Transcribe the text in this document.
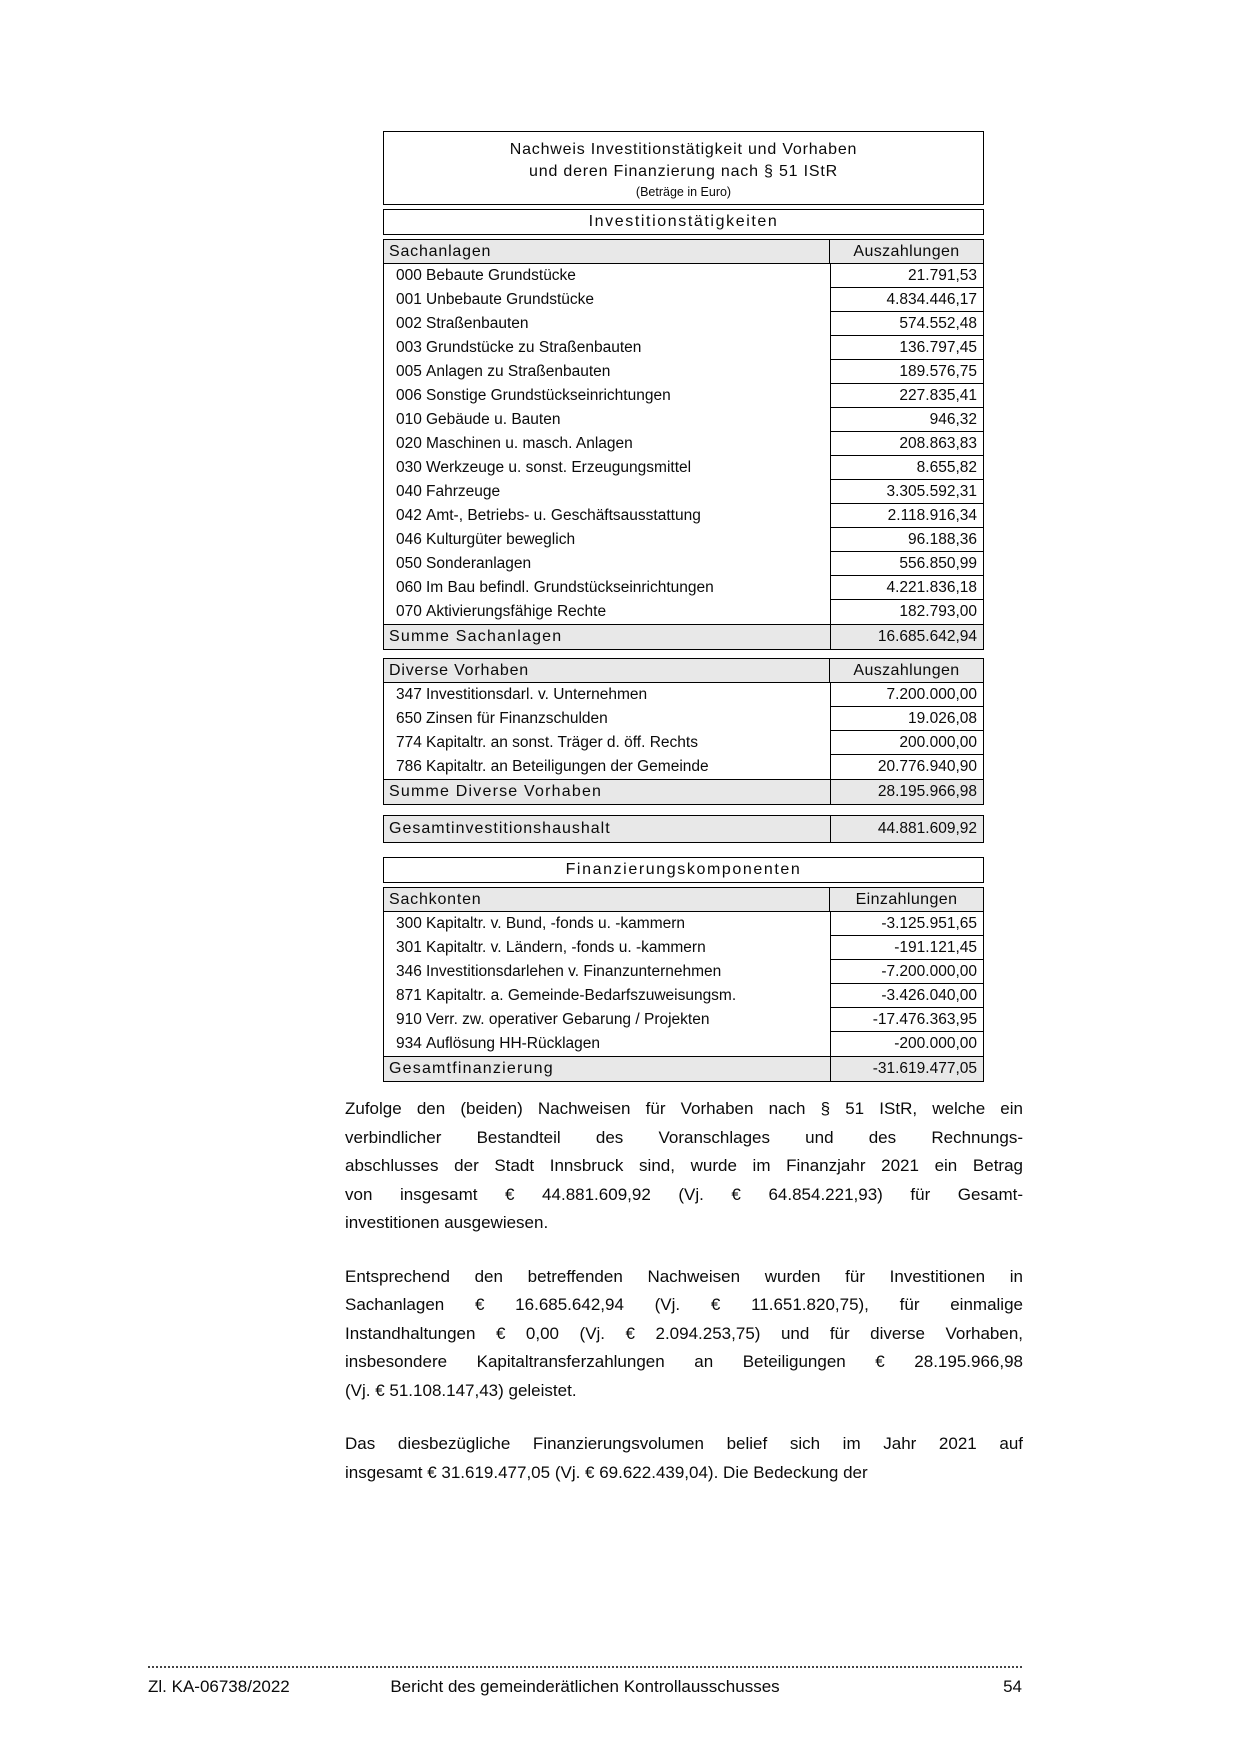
Nachweis Investitionstätigkeit und Vorhaben
und deren Finanzierung nach § 51 IStR
(Beträge in Euro)
Investitionstätigkeiten
Sachanlagen	Auszahlungen
000 Bebaute Grundstücke	21.791,53
001 Unbebaute Grundstücke	4.834.446,17
002 Straßenbauten	574.552,48
003 Grundstücke zu Straßenbauten	136.797,45
005 Anlagen zu Straßenbauten	189.576,75
006 Sonstige Grundstückseinrichtungen	227.835,41
010 Gebäude u. Bauten	946,32
020 Maschinen u. masch. Anlagen	208.863,83
030 Werkzeuge u. sonst. Erzeugungsmittel	8.655,82
040 Fahrzeuge	3.305.592,31
042 Amt-, Betriebs- u. Geschäftsausstattung	2.118.916,34
046 Kulturgüter beweglich	96.188,36
050 Sonderanlagen	556.850,99
060 Im Bau befindl. Grundstückseinrichtungen	4.221.836,18
070 Aktivierungsfähige Rechte	182.793,00
Summe Sachanlagen	16.685.642,94
Diverse Vorhaben	Auszahlungen
347 Investitionsdarl. v. Unternehmen	7.200.000,00
650 Zinsen für Finanzschulden	19.026,08
774 Kapitaltr. an sonst. Träger d. öff. Rechts	200.000,00
786 Kapitaltr. an Beteiligungen der Gemeinde	20.776.940,90
Summe Diverse Vorhaben	28.195.966,98
Gesamtinvestitionshaushalt	44.881.609,92
Finanzierungskomponenten
Sachkonten	Einzahlungen
300 Kapitaltr. v. Bund, -fonds u. -kammern	-3.125.951,65
301 Kapitaltr. v. Ländern, -fonds u. -kammern	-191.121,45
346 Investitionsdarlehen v. Finanzunternehmen	-7.200.000,00
871 Kapitaltr. a. Gemeinde-Bedarfszuweisungsm.	-3.426.040,00
910 Verr. zw. operativer Gebarung / Projekten	-17.476.363,95
934 Auflösung HH-Rücklagen	-200.000,00
Gesamtfinanzierung	-31.619.477,05
Zufolge den (beiden) Nachweisen für Vorhaben nach § 51 IStR, welche ein
verbindlicher Bestandteil des Voranschlages und des Rechnungs-
abschlusses der Stadt Innsbruck sind, wurde im Finanzjahr 2021 ein Betrag
von insgesamt € 44.881.609,92 (Vj. € 64.854.221,93) für Gesamt-
investitionen ausgewiesen.
Entsprechend den betreffenden Nachweisen wurden für Investitionen in
Sachanlagen € 16.685.642,94 (Vj. € 11.651.820,75), für einmalige
Instandhaltungen € 0,00 (Vj. € 2.094.253,75) und für diverse Vorhaben,
insbesondere Kapitaltransferzahlungen an Beteiligungen € 28.195.966,98
(Vj. € 51.108.147,43) geleistet.
Das diesbezügliche Finanzierungsvolumen belief sich im Jahr 2021 auf
insgesamt € 31.619.477,05 (Vj. € 69.622.439,04). Die Bedeckung der
Zl. KA-06738/2022	Bericht des gemeinderätlichen Kontrollausschusses	54
